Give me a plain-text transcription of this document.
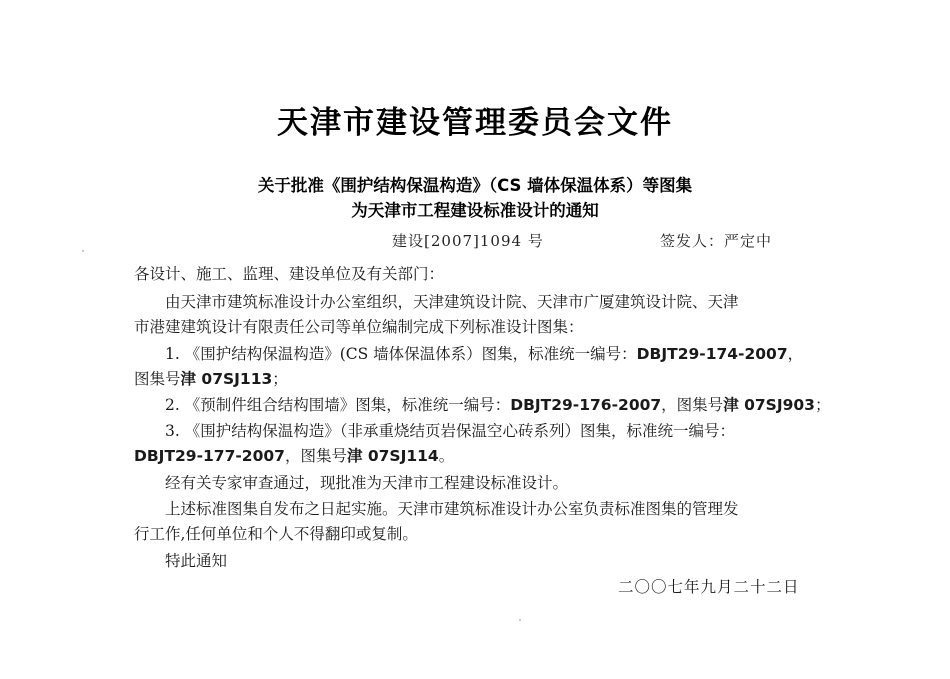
天津市建设管理委员会文件
关于批准《围护结构保温构造》（CS 墙体保温体系）等图集
为天津市工程建设标准设计的通知
建设[2007]1094 号	签发人：严定中
各设计、施工、监理、建设单位及有关部门：
由天津市建筑标准设计办公室组织，天津建筑设计院、天津市广厦建筑设计院、天津
市港建建筑设计有限责任公司等单位编制完成下列标准设计图集：
1. 《围护结构保温构造》(CS 墙体保温体系）图集，标准统一编号：DBJT29-174-2007，
图集号津 07SJ113；
2. 《预制件组合结构围墙》图集，标准统一编号：DBJT29-176-2007，图集号津 07SJ903；
3. 《围护结构保温构造》（非承重烧结页岩保温空心砖系列）图集，标准统一编号：
DBJT29-177-2007，图集号津 07SJ114。
经有关专家审查通过，现批准为天津市工程建设标准设计。
上述标准图集自发布之日起实施。天津市建筑标准设计办公室负责标准图集的管理发
行工作,任何单位和个人不得翻印或复制。
特此通知
二〇〇七年九月二十二日
